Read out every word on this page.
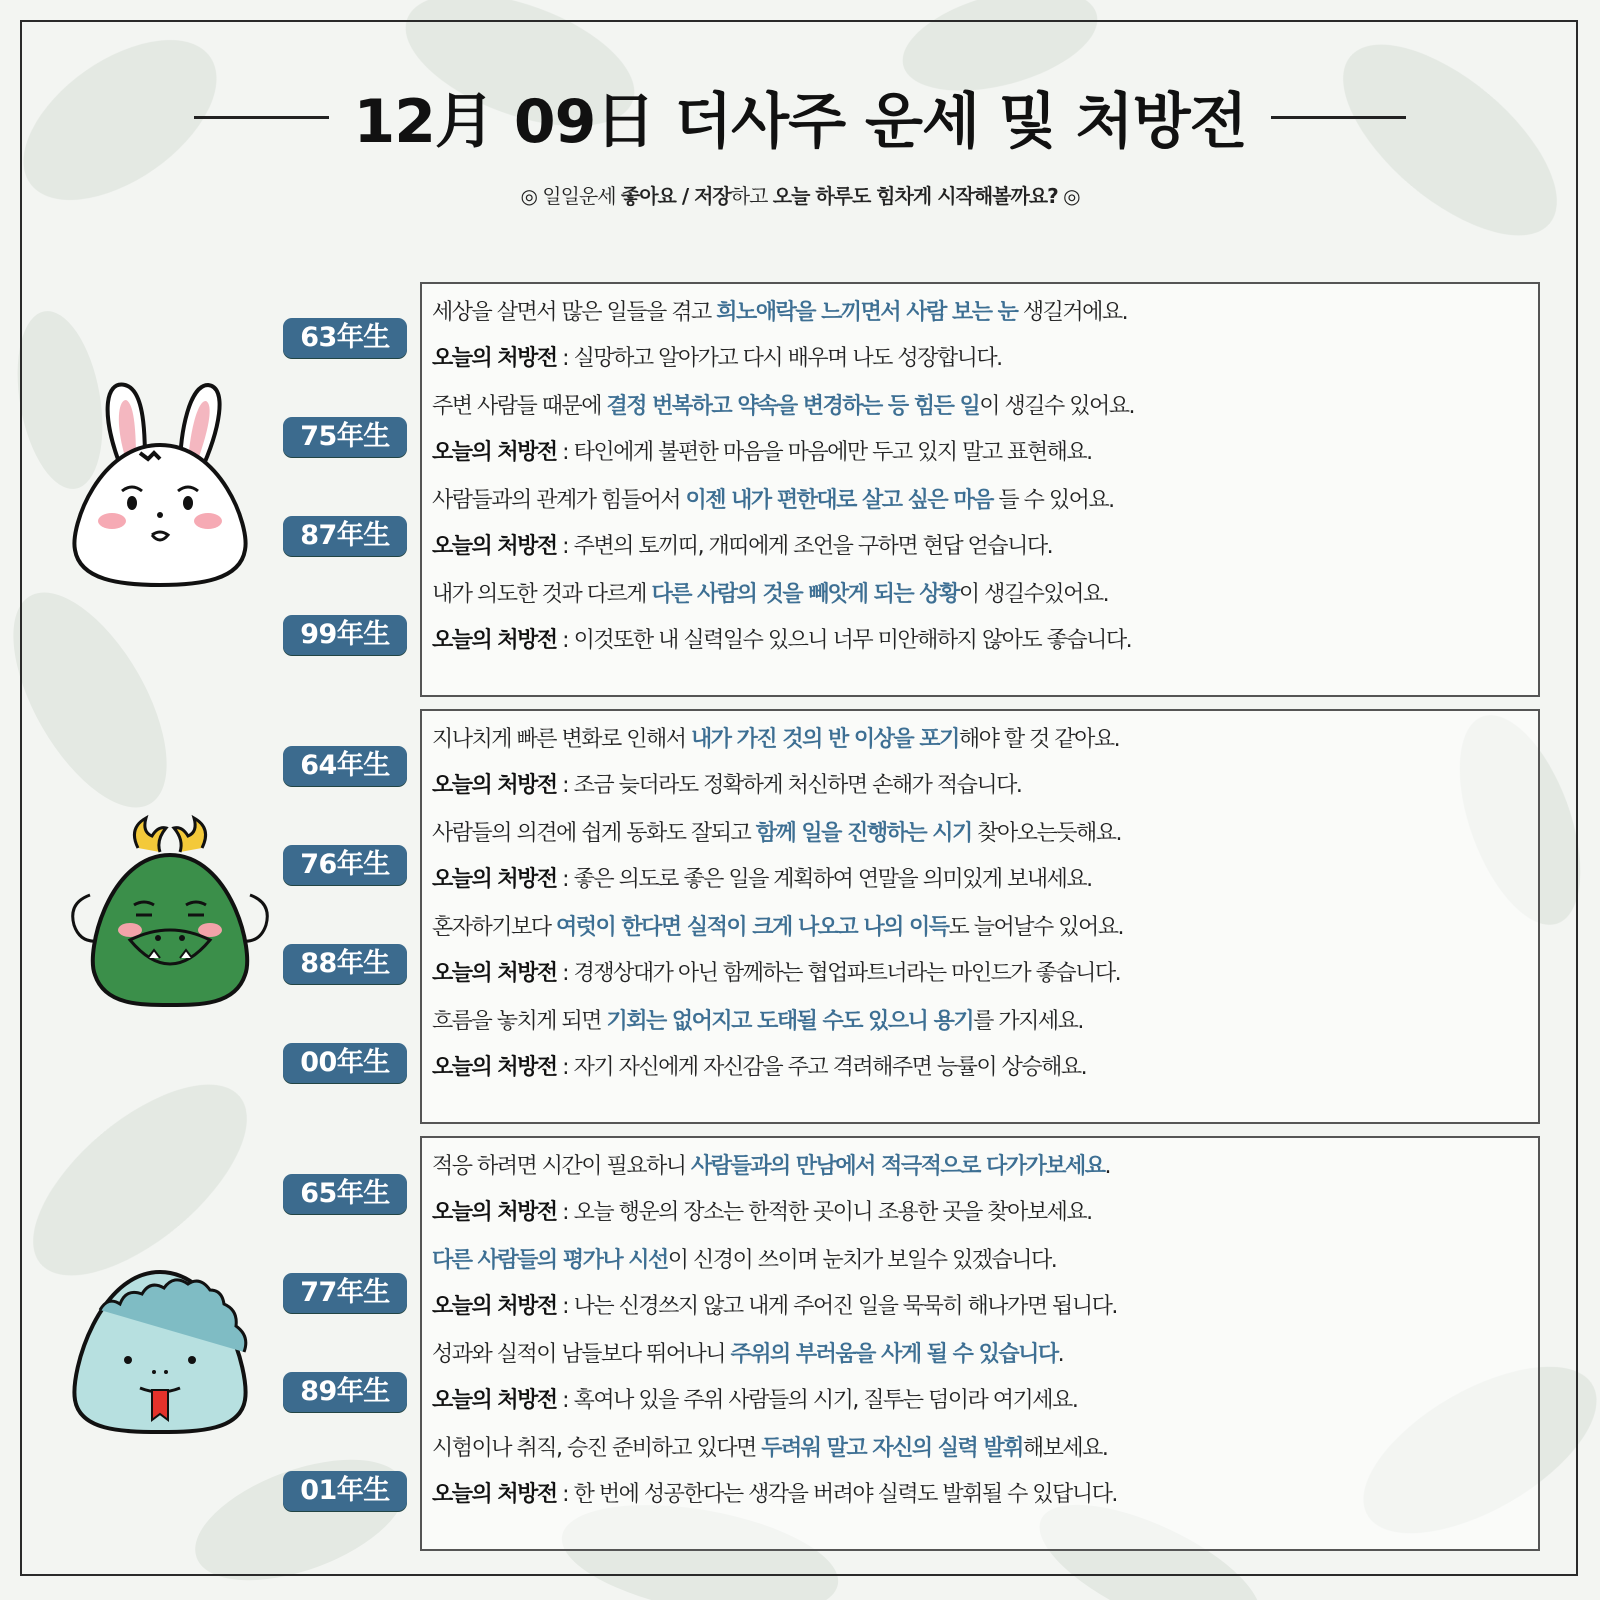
12月 09日 더사주 운세 및 처방전
◎ 일일운세 좋아요 / 저장하고 오늘 하루도 힘차게 시작해볼까요? ◎
63年生
75年生
87年生
99年生
세상을 살면서 많은 일들을 겪고 희노애락을 느끼면서 사람 보는 눈 생길거에요.
오늘의 처방전 : 실망하고 알아가고 다시 배우며 나도 성장합니다.
주변 사람들 때문에 결정 번복하고 약속을 변경하는 등 힘든 일이 생길수 있어요.
오늘의 처방전 : 타인에게 불편한 마음을 마음에만 두고 있지 말고 표현해요.
사람들과의 관계가 힘들어서 이젠 내가 편한대로 살고 싶은 마음 들 수 있어요.
오늘의 처방전 : 주변의 토끼띠, 개띠에게 조언을 구하면 현답 얻습니다.
내가 의도한 것과 다르게 다른 사람의 것을 빼앗게 되는 상황이 생길수있어요.
오늘의 처방전 : 이것또한 내 실력일수 있으니 너무 미안해하지 않아도 좋습니다.
64年生
76年生
88年生
00年生
지나치게 빠른 변화로 인해서 내가 가진 것의 반 이상을 포기해야 할 것 같아요.
오늘의 처방전 : 조금 늦더라도 정확하게 처신하면 손해가 적습니다.
사람들의 의견에 쉽게 동화도 잘되고 함께 일을 진행하는 시기 찾아오는듯해요.
오늘의 처방전 : 좋은 의도로 좋은 일을 계획하여 연말을 의미있게 보내세요.
혼자하기보다 여럿이 한다면 실적이 크게 나오고 나의 이득도 늘어날수 있어요.
오늘의 처방전 : 경쟁상대가 아닌 함께하는 협업파트너라는 마인드가 좋습니다.
흐름을 놓치게 되면 기회는 없어지고 도태될 수도 있으니 용기를 가지세요.
오늘의 처방전 : 자기 자신에게 자신감을 주고 격려해주면 능률이 상승해요.
65年生
77年生
89年生
01年生
적응 하려면 시간이 필요하니 사람들과의 만남에서 적극적으로 다가가보세요.
오늘의 처방전 : 오늘 행운의 장소는 한적한 곳이니 조용한 곳을 찾아보세요.
다른 사람들의 평가나 시선이 신경이 쓰이며 눈치가 보일수 있겠습니다.
오늘의 처방전 : 나는 신경쓰지 않고 내게 주어진 일을 묵묵히 해나가면 됩니다.
성과와 실적이 남들보다 뛰어나니 주위의 부러움을 사게 될 수 있습니다.
오늘의 처방전 : 혹여나 있을 주위 사람들의 시기, 질투는 덤이라 여기세요.
시험이나 취직, 승진 준비하고 있다면 두려워 말고 자신의 실력 발휘해보세요.
오늘의 처방전 : 한 번에 성공한다는 생각을 버려야 실력도 발휘될 수 있답니다.
